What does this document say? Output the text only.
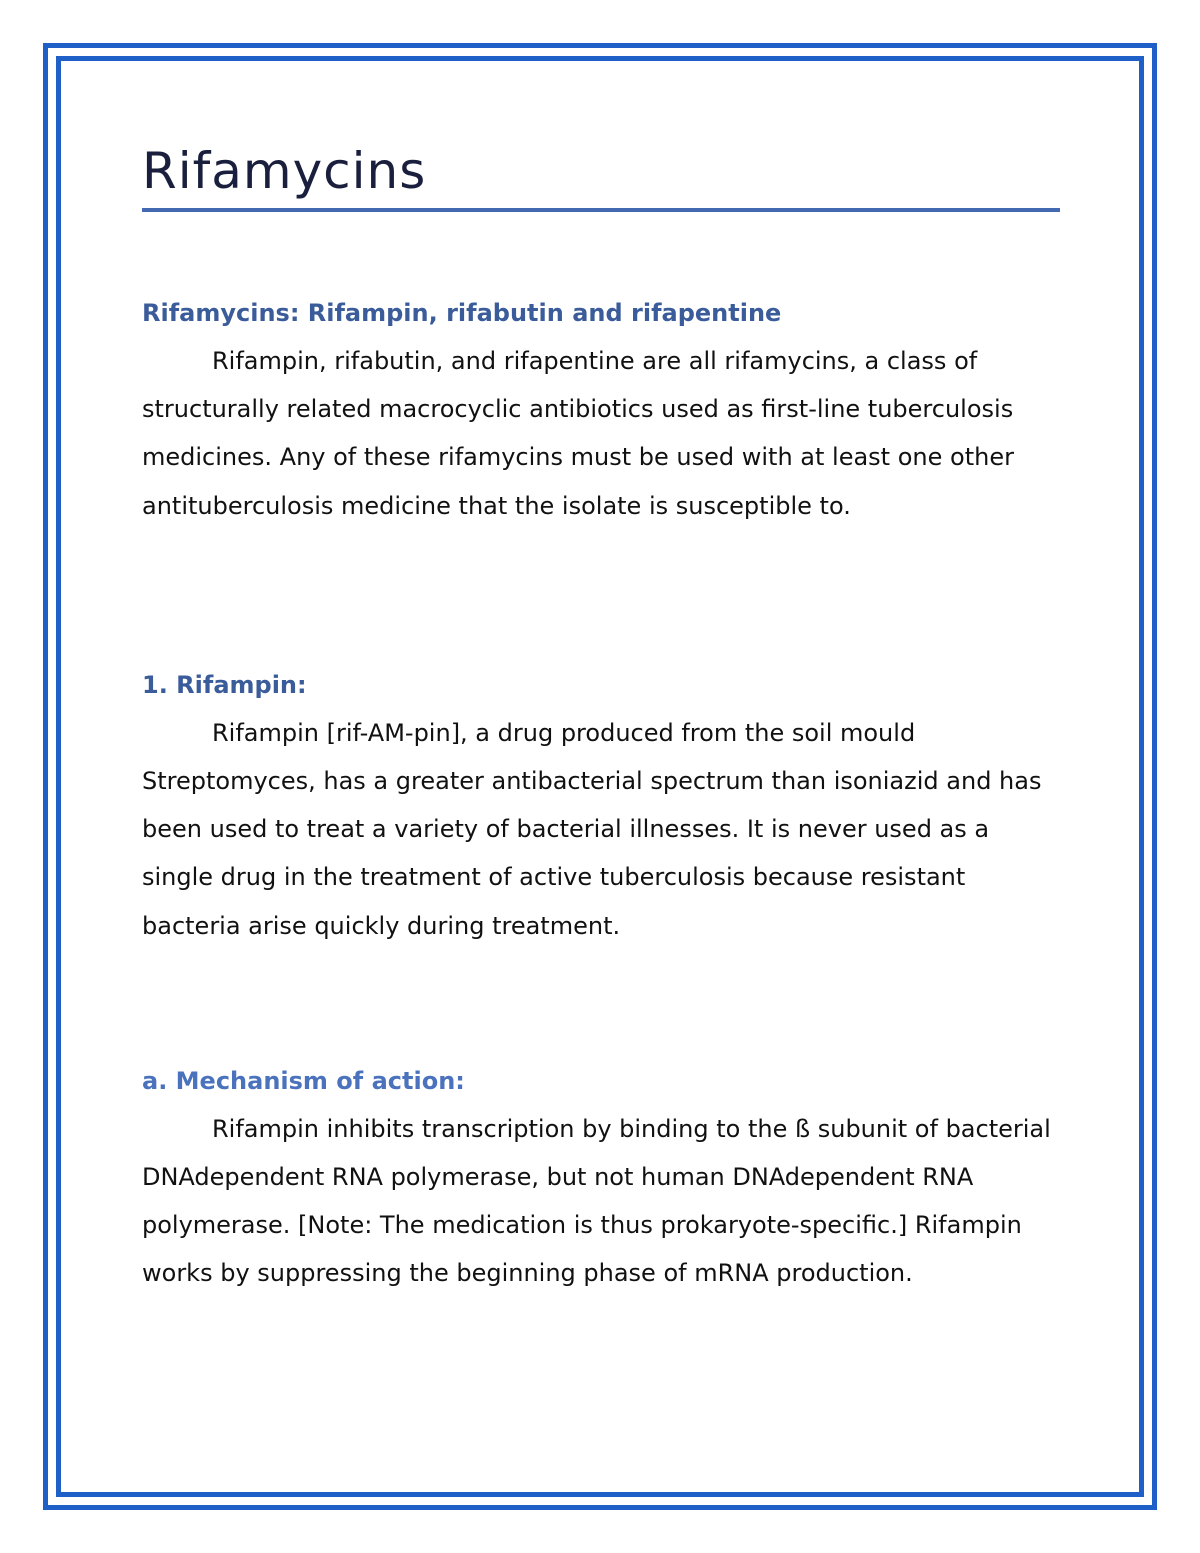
Rifamycins
Rifamycins: Rifampin, rifabutin and rifapentine

Rifampin, rifabutin, and rifapentine are all rifamycins, a class of structurally related macrocyclic antibiotics used as first-line tuberculosis medicines. Any of these rifamycins must be used with at least one other antituberculosis medicine that the isolate is susceptible to.

1. Rifampin:

Rifampin [rif-AM-pin], a drug produced from the soil mould Streptomyces, has a greater antibacterial spectrum than isoniazid and has been used to treat a variety of bacterial illnesses. It is never used as a single drug in the treatment of active tuberculosis because resistant bacteria arise quickly during treatment.

a. Mechanism of action:

Rifampin inhibits transcription by binding to the ß subunit of bacterial DNAdependent RNA polymerase, but not human DNAdependent RNA polymerase. [Note: The medication is thus prokaryote-specific.] Rifampin works by suppressing the beginning phase of mRNA production.
